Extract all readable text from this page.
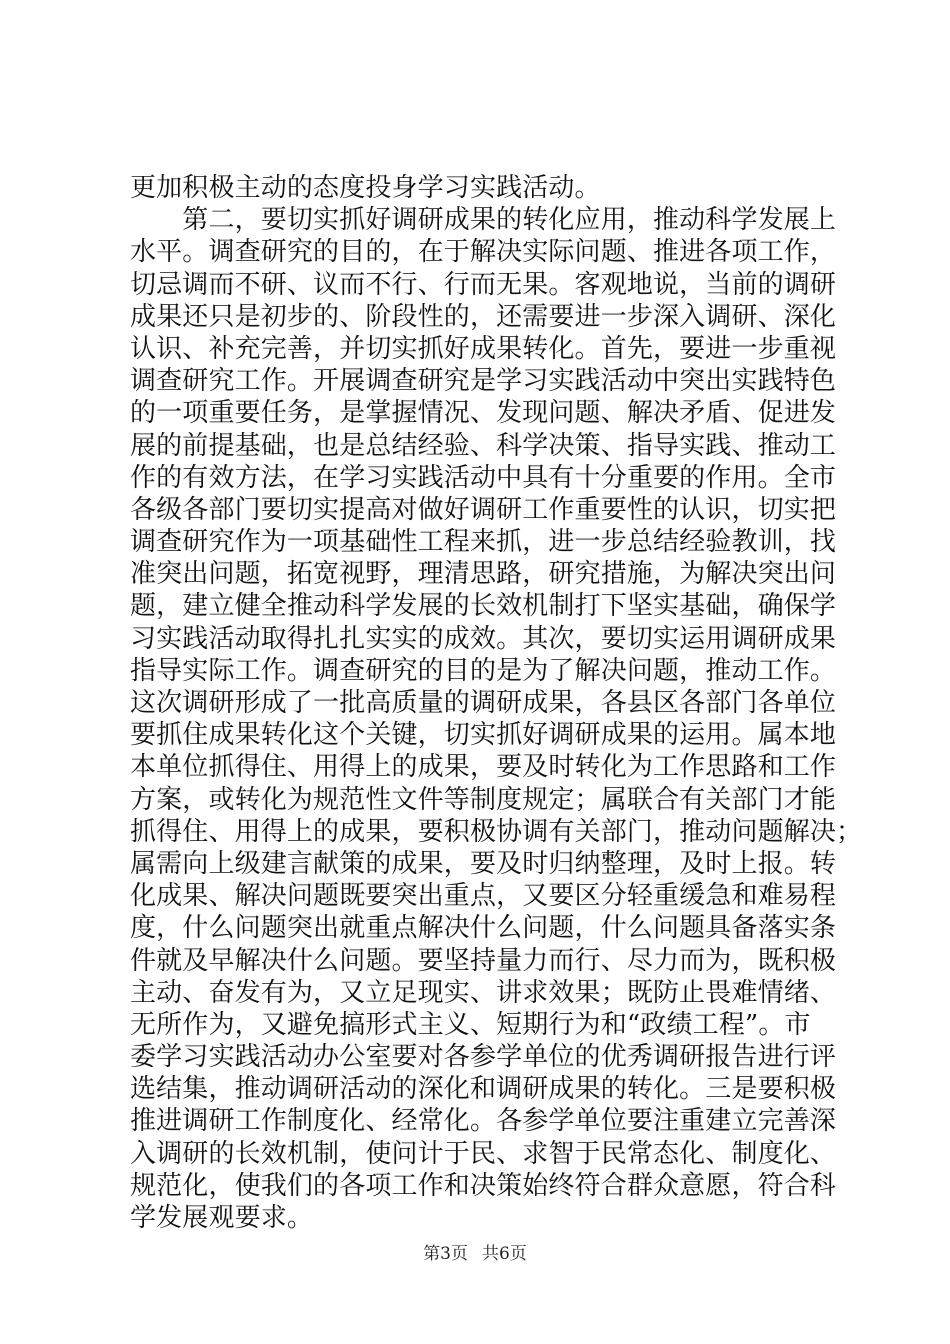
更加积极主动的态度投身学习实践活动。
　　第二，要切实抓好调研成果的转化应用，推动科学发展上
水平。调查研究的目的，在于解决实际问题、推进各项工作，
切忌调而不研、议而不行、行而无果。客观地说，当前的调研
成果还只是初步的、阶段性的，还需要进一步深入调研、深化
认识、补充完善，并切实抓好成果转化。首先，要进一步重视
调查研究工作。开展调查研究是学习实践活动中突出实践特色
的一项重要任务，是掌握情况、发现问题、解决矛盾、促进发
展的前提基础，也是总结经验、科学决策、指导实践、推动工
作的有效方法，在学习实践活动中具有十分重要的作用。全市
各级各部门要切实提高对做好调研工作重要性的认识，切实把
调查研究作为一项基础性工程来抓，进一步总结经验教训，找
准突出问题，拓宽视野，理清思路，研究措施，为解决突出问
题，建立健全推动科学发展的长效机制打下坚实基础，确保学
习实践活动取得扎扎实实的成效。其次，要切实运用调研成果
指导实际工作。调查研究的目的是为了解决问题，推动工作。
这次调研形成了一批高质量的调研成果，各县区各部门各单位
要抓住成果转化这个关键，切实抓好调研成果的运用。属本地
本单位抓得住、用得上的成果，要及时转化为工作思路和工作
方案，或转化为规范性文件等制度规定；属联合有关部门才能
抓得住、用得上的成果，要积极协调有关部门，推动问题解决；
属需向上级建言献策的成果，要及时归纳整理，及时上报。转
化成果、解决问题既要突出重点，又要区分轻重缓急和难易程
度，什么问题突出就重点解决什么问题，什么问题具备落实条
件就及早解决什么问题。要坚持量力而行、尽力而为，既积极
主动、奋发有为，又立足现实、讲求效果；既防止畏难情绪、
无所作为，又避免搞形式主义、短期行为和“政绩工程”。市
委学习实践活动办公室要对各参学单位的优秀调研报告进行评
选结集，推动调研活动的深化和调研成果的转化。三是要积极
推进调研工作制度化、经常化。各参学单位要注重建立完善深
入调研的长效机制，使问计于民、求智于民常态化、制度化、
规范化，使我们的各项工作和决策始终符合群众意愿，符合科
学发展观要求。
第3页 共6页
